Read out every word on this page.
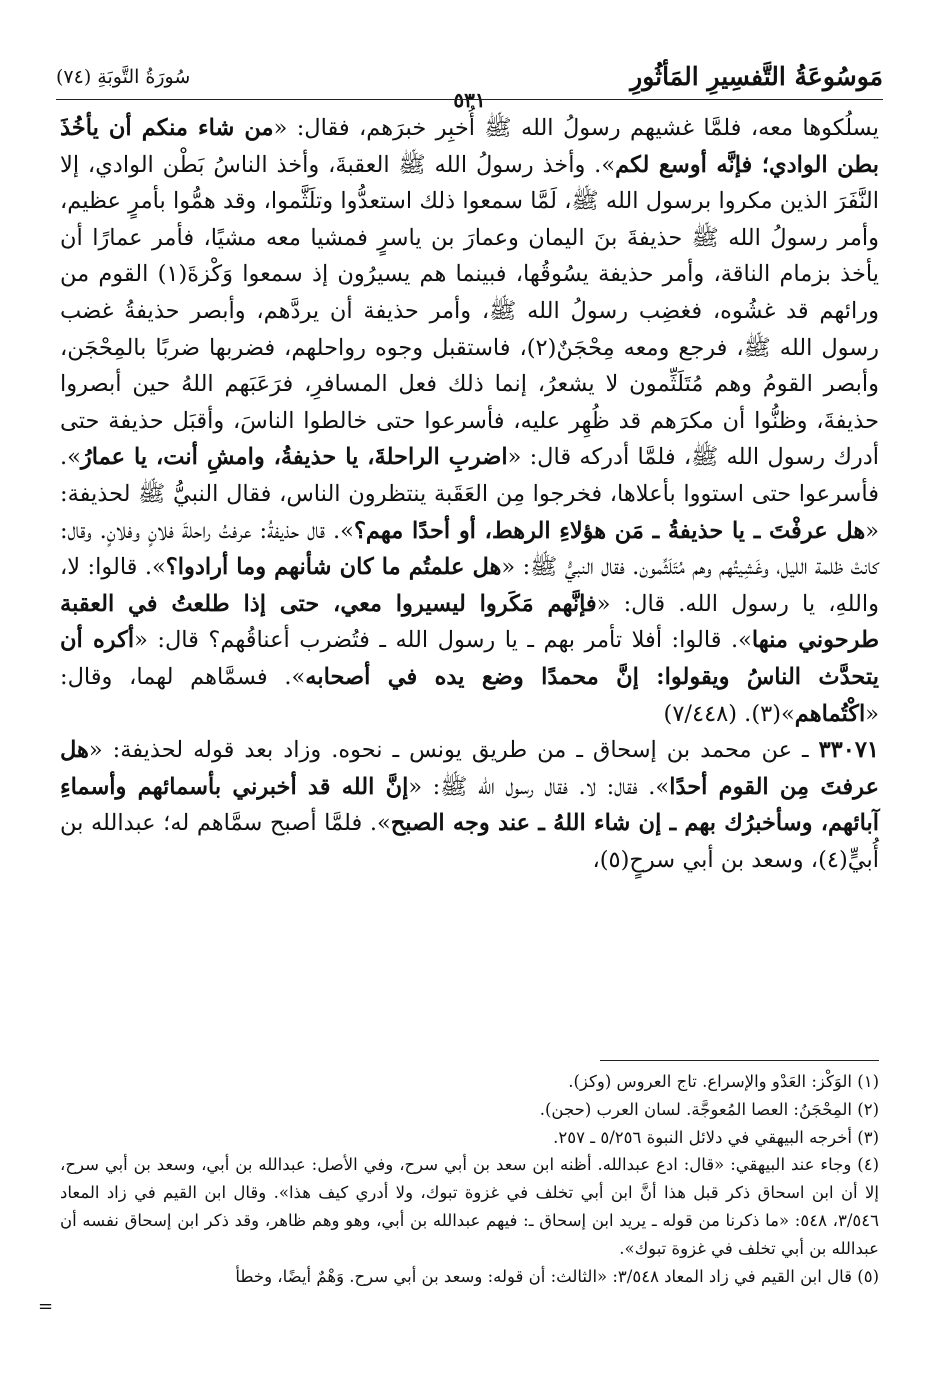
مَوسُوعَةُ التَّفسِيرِ المَأثُورِ
٥٣١
سُورَةُ التَّوبَةِ (٧٤)

يسلُكوها معه، فلمَّا غشيهم رسولُ الله ﷺ أُخبِر خبرَهم، فقال: «من شاء منكم أن يأخُذَ بطن الوادي؛ فإنَّه أوسع لكم». وأخذ رسولُ الله ﷺ العقبةَ، وأخذ الناسُ بَطْن الوادي، إلا النَّفَرَ الذين مكروا برسول الله ﷺ، لَمَّا سمعوا ذلك استعدُّوا وتلَثَّموا، وقد همُّوا بأمرٍ عظيم، وأمر رسولُ الله ﷺ حذيفةَ بنَ اليمان وعمارَ بن ياسرٍ فمشيا معه مشيًا، فأمر عمارًا أن يأخذ بزمام الناقة، وأمر حذيفة يسُوقُها، فبينما هم يسيرُون إذ سمعوا وَكْزةَ(١) القوم من ورائهم قد غشُوه، فغضِب رسولُ الله ﷺ، وأمر حذيفة أن يردَّهم، وأبصر حذيفةُ غضب رسول الله ﷺ، فرجع ومعه مِحْجَنٌ(٢)، فاستقبل وجوه رواحلهم، فضربها ضربًا بالمِحْجَن، وأبصر القومُ وهم مُتَلَثِّمون لا يشعرُ، إنما ذلك فعل المسافرِ، فرَعَبَهم اللهُ حين أبصروا حذيفةَ، وظنُّوا أن مكرَهم قد ظُهِر عليه، فأسرعوا حتى خالطوا الناسَ، وأقبَل حذيفة حتى أدرك رسول الله ﷺ، فلمَّا أدركه قال: «اضربِ الراحلةَ، يا حذيفةُ، وامشِ أنت، يا عمارُ». فأسرعوا حتى استووا بأعلاها، فخرجوا مِن العَقَبة ينتظرون الناس، فقال النبيُّ ﷺ لحذيفة: «هل عرفْتَ ـ يا حذيفةُ ـ مَن هؤلاءِ الرهط، أو أحدًا مهم؟». قال حذيفةُ: عرفتُ راحلةَ فلانٍ وفلانٍ. وقال: كانتْ ظلمة الليل، وغَشِيتُهم وهم مُتَلَثِّمون. فقال النبيُّ ﷺ: «هل علمتُم ما كان شأنهم وما أرادوا؟». قالوا: لا، واللهِ، يا رسول الله. قال: «فإنَّهم مَكَروا ليسيروا معي، حتى إذا طلعتُ في العقبة طرحوني منها». قالوا: أفلا تأمر بهم ـ يا رسول الله ـ فتُضرب أعناقُهم؟ قال: «أكره أن يتحدَّث الناسُ ويقولوا: إنَّ محمدًا وضع يده في أصحابه». فسمَّاهم لهما، وقال: «اكْتُماهم»(٣). (٧/٤٤٨)

٣٣٠٧١ ـ عن محمد بن إسحاق ـ من طريق يونس ـ نحوه. وزاد بعد قوله لحذيفة: «هل عرفتَ مِن القوم أحدًا». فقال: لا. فقال رسول الله ﷺ: «إنَّ الله قد أخبرني بأسمائهم وأسماءِ آبائهم، وسأخبرُك بهم ـ إن شاء اللهُ ـ عند وجه الصبح». فلمَّا أصبح سمَّاهم له؛ عبدالله بن أُبيٍّ(٤)، وسعد بن أبي سرحٍ(٥)،

(١) الوَكْز: العَدْو والإسراع. تاج العروس (وكز).

(٢) المِحْجَنُ: العصا المُعوجَّة. لسان العرب (حجن).

(٣) أخرجه البيهقي في دلائل النبوة ٥/٢٥٦ ـ ٢٥٧.

(٤) وجاء عند البيهقي: «قال: ادع عبدالله. أظنه ابن سعد بن أبي سرح، وفي الأصل: عبدالله بن أبي، وسعد بن أبي سرح، إلا أن ابن اسحاق ذكر قبل هذا أنَّ ابن أبي تخلف في غزوة تبوك، ولا أدري كيف هذا». وقال ابن القيم في زاد المعاد ٣/٥٤٦، ٥٤٨: «ما ذكرنا من قوله ـ يريد ابن إسحاق ـ: فيهم عبدالله بن أبي، وهو وهم ظاهر، وقد ذكر ابن إسحاق نفسه أن عبدالله بن أبي تخلف في غزوة تبوك».

(٥) قال ابن القيم في زاد المعاد ٣/٥٤٨: «الثالث: أن قوله: وسعد بن أبي سرح. وَهْمٌ أيضًا، وخطأ

=
